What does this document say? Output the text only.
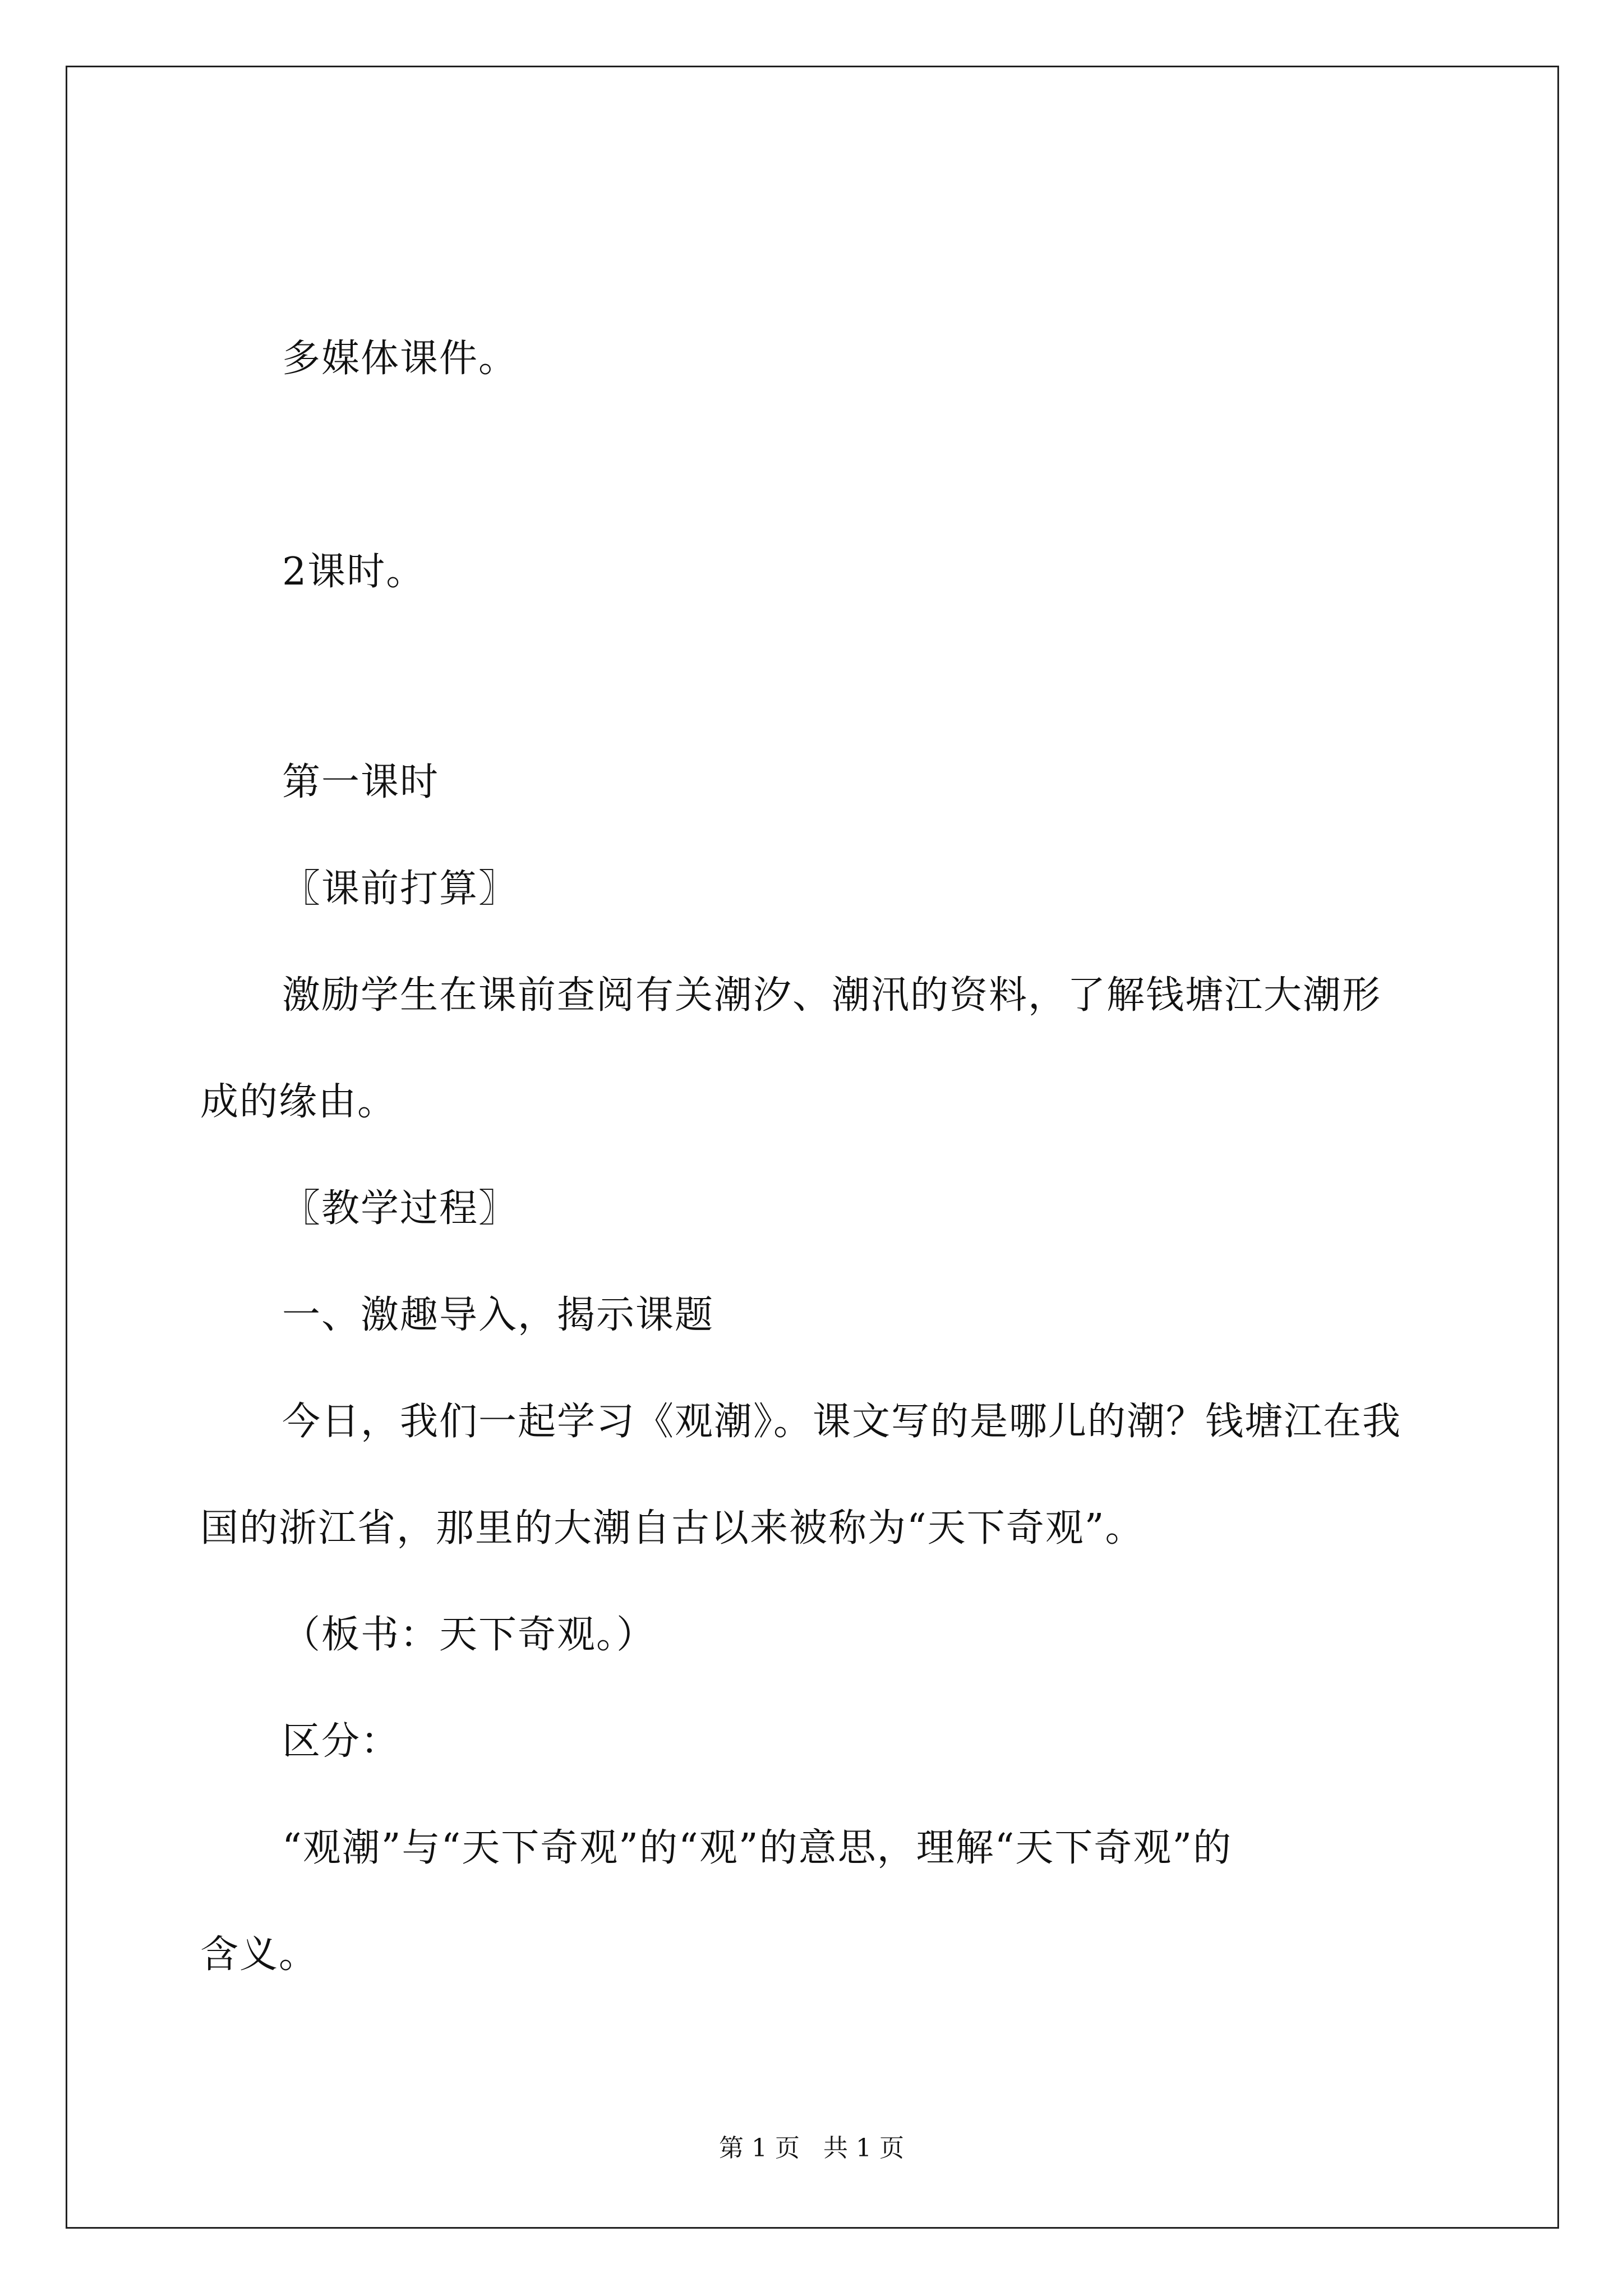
多媒体课件。
2课时。
第一课时
〖课前打算〗
激励学生在课前查阅有关潮汐、潮汛的资料，了解钱塘江大潮形
成的缘由。
〖教学过程〗
一、激趣导入，揭示课题
今日，我们一起学习《观潮》。课文写的是哪儿的潮？钱塘江在我
国的浙江省，那里的大潮自古以来被称为“天下奇观”。
（板书：天下奇观。）
区分：
“观潮”与“天下奇观”的“观”的意思，理解“天下奇观”的
含义。
第 1 页   共 1 页
